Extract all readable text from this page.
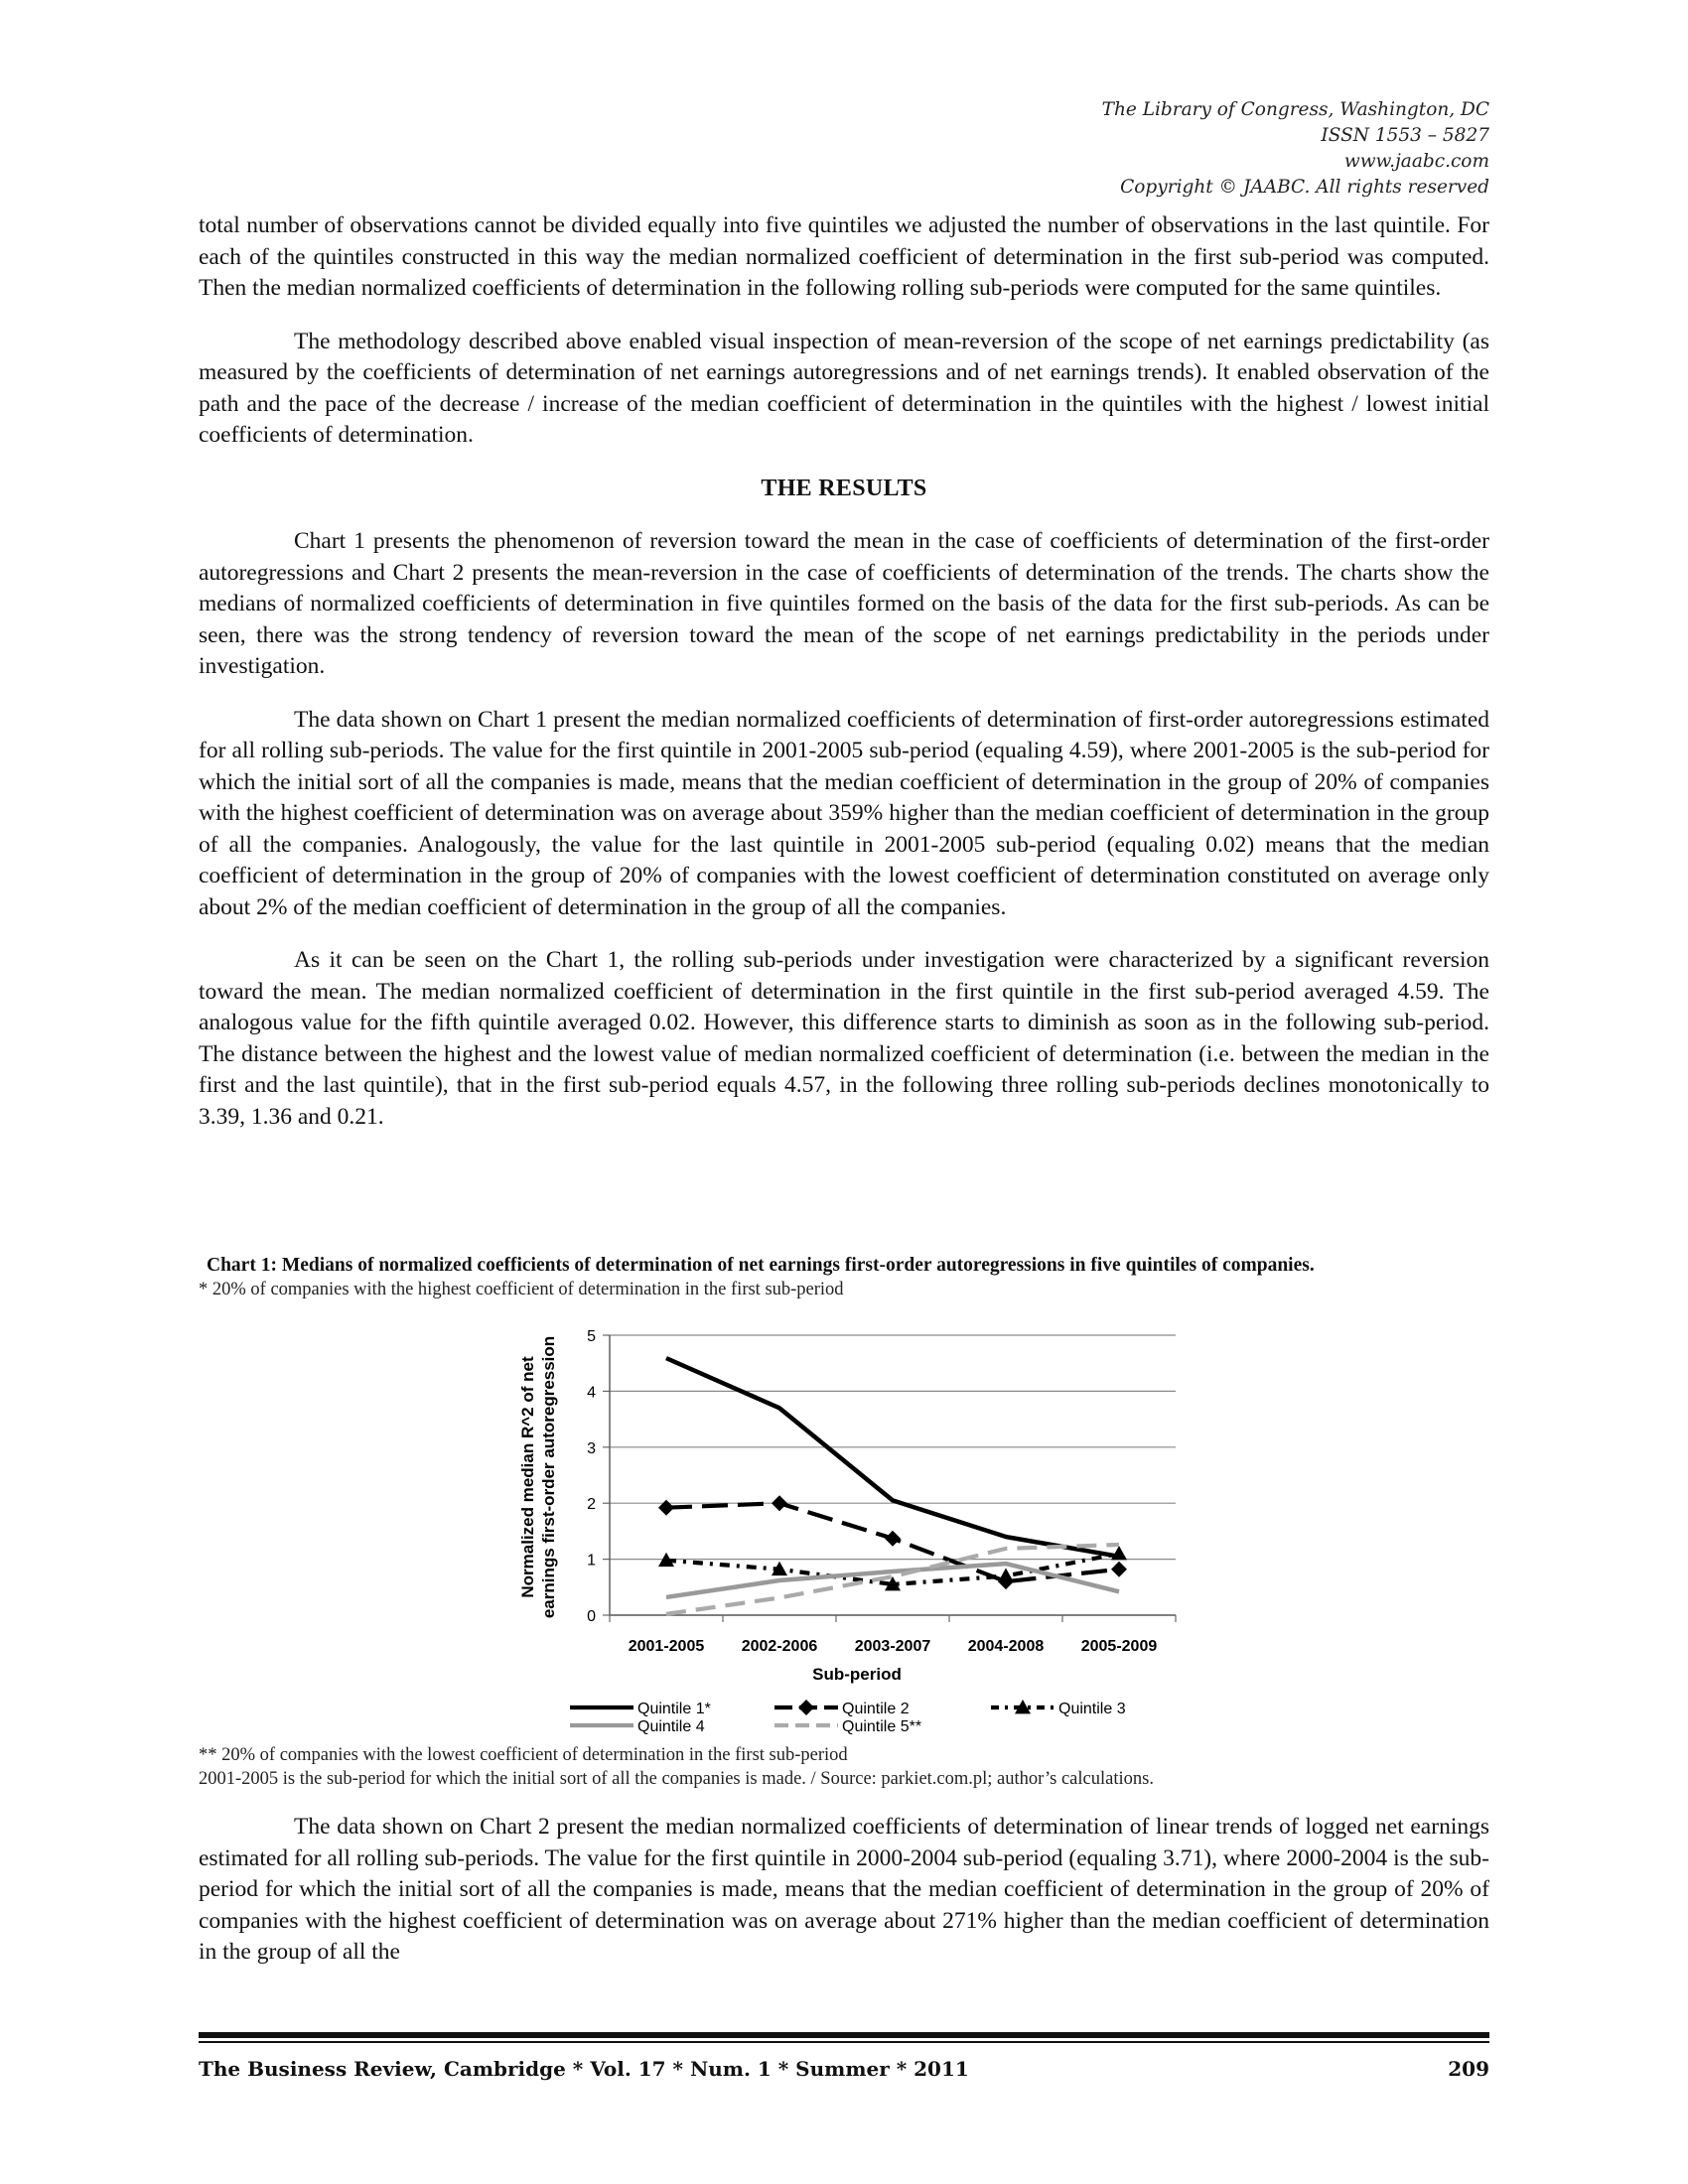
The Library of Congress, Washington, DC
ISSN 1553 – 5827
www.jaabc.com
Copyright © JAABC. All rights reserved

total number of observations cannot be divided equally into five quintiles we adjusted the number of observations in the last quintile. For each of the quintiles constructed in this way the median normalized coefficient of determination in the first sub-period was computed. Then the median normalized coefficients of determination in the following rolling sub-periods were computed for the same quintiles.

The methodology described above enabled visual inspection of mean-reversion of the scope of net earnings predictability (as measured by the coefficients of determination of net earnings autoregressions and of net earnings trends). It enabled observation of the path and the pace of the decrease / increase of the median coefficient of determination in the quintiles with the highest / lowest initial coefficients of determination.

THE RESULTS

Chart 1 presents the phenomenon of reversion toward the mean in the case of coefficients of determination of the first-order autoregressions and Chart 2 presents the mean-reversion in the case of coefficients of determination of the trends. The charts show the medians of normalized coefficients of determination in five quintiles formed on the basis of the data for the first sub-periods. As can be seen, there was the strong tendency of reversion toward the mean of the scope of net earnings predictability in the periods under investigation.

The data shown on Chart 1 present the median normalized coefficients of determination of first-order autoregressions estimated for all rolling sub-periods. The value for the first quintile in 2001-2005 sub-period (equaling 4.59), where 2001-2005 is the sub-period for which the initial sort of all the companies is made, means that the median coefficient of determination in the group of 20% of companies with the highest coefficient of determination was on average about 359% higher than the median coefficient of determination in the group of all the companies. Analogously, the value for the last quintile in 2001-2005 sub-period (equaling 0.02) means that the median coefficient of determination in the group of 20% of companies with the lowest coefficient of determination constituted on average only about 2% of the median coefficient of determination in the group of all the companies.

As it can be seen on the Chart 1, the rolling sub-periods under investigation were characterized by a significant reversion toward the mean. The median normalized coefficient of determination in the first quintile in the first sub-period averaged 4.59. The analogous value for the fifth quintile averaged 0.02. However, this difference starts to diminish as soon as in the following sub-period. The distance between the highest and the lowest value of median normalized coefficient of determination (i.e. between the median in the first and the last quintile), that in the first sub-period equals 4.57, in the following three rolling sub-periods declines monotonically to 3.39, 1.36 and 0.21.

Chart 1: Medians of normalized coefficients of determination of net earnings first-order autoregressions in five quintiles of companies.
* 20% of companies with the highest coefficient of determination in the first sub-period
0
1
2
3
4
5
2001-2005 2002-2006 2003-2007 2004-2008 2005-2009
Sub-period
Normalized median R^2 of net earnings first-order autoregression
Quintile 1*	Quintile 2	Quintile 3
Quintile 4	Quintile 5**
** 20% of companies with the lowest coefficient of determination in the first sub-period
2001-2005 is the sub-period for which the initial sort of all the companies is made. / Source: parkiet.com.pl; author’s calculations.

The data shown on Chart 2 present the median normalized coefficients of determination of linear trends of logged net earnings estimated for all rolling sub-periods. The value for the first quintile in 2000-2004 sub-period (equaling 3.71), where 2000-2004 is the sub-period for which the initial sort of all the companies is made, means that the median coefficient of determination in the group of 20% of companies with the highest coefficient of determination was on average about 271% higher than the median coefficient of determination in the group of all the

The Business Review, Cambridge * Vol. 17 * Num. 1 * Summer * 2011	209
